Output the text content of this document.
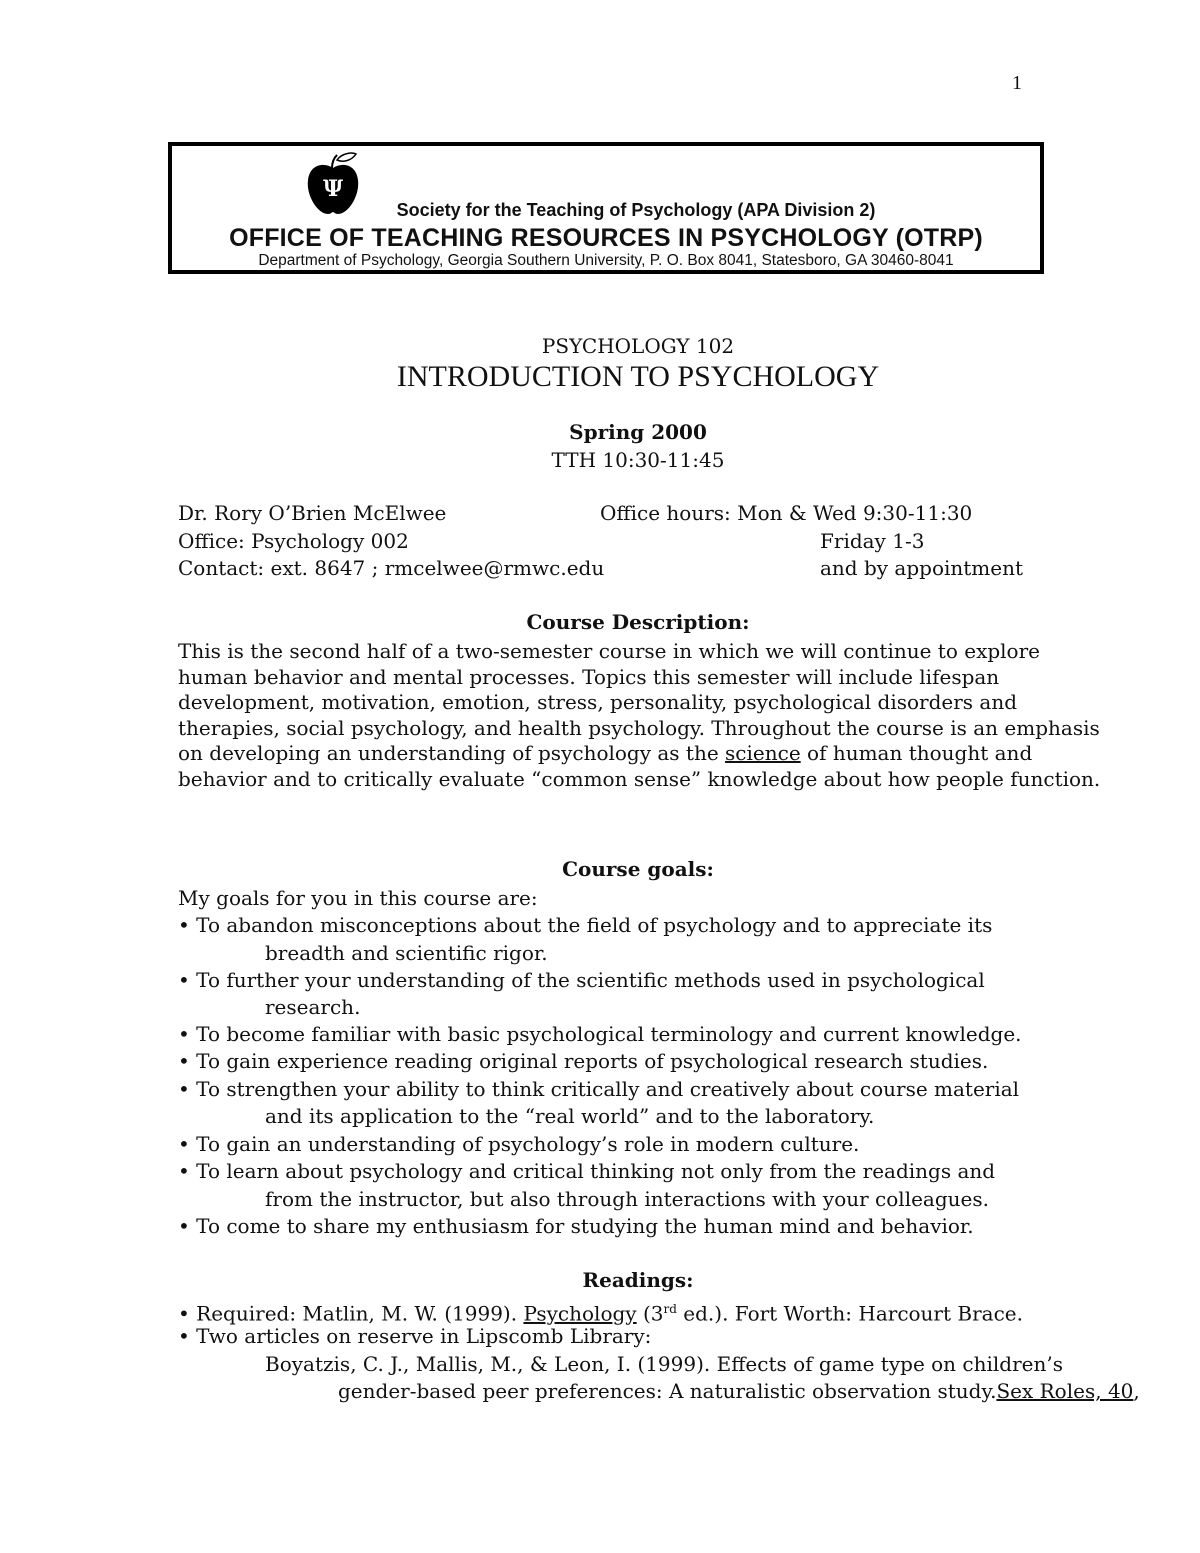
1
Ψ
Society for the Teaching of Psychology (APA Division 2)
OFFICE OF TEACHING RESOURCES IN PSYCHOLOGY (OTRP)
Department of Psychology, Georgia Southern University, P. O. Box 8041, Statesboro, GA 30460-8041
PSYCHOLOGY 102
INTRODUCTION TO PSYCHOLOGY
Spring 2000
TTH 10:30-11:45
Dr. Rory O’Brien McElwee
Office: Psychology 002
Contact: ext. 8647 ; rmcelwee@rmwc.edu
Office hours: Mon & Wed 9:30-11:30
Friday 1-3
and by appointment
Course Description:
This is the second half of a two-semester course in which we will continue to explore human behavior and mental processes. Topics this semester will include lifespan development, motivation, emotion, stress, personality, psychological disorders and therapies, social psychology, and health psychology. Throughout the course is an emphasis on developing an understanding of psychology as the science of human thought and behavior and to critically evaluate “common sense” knowledge about how people function.
Course goals:
My goals for you in this course are:
• To abandon misconceptions about the field of psychology and to appreciate its
breadth and scientific rigor.
• To further your understanding of the scientific methods used in psychological
research.
• To become familiar with basic psychological terminology and current knowledge.
• To gain experience reading original reports of psychological research studies.
• To strengthen your ability to think critically and creatively about course material
and its application to the “real world” and to the laboratory.
• To gain an understanding of psychology’s role in modern culture.
• To learn about psychology and critical thinking not only from the readings and
from the instructor, but also through interactions with your colleagues.
• To come to share my enthusiasm for studying the human mind and behavior.
Readings:
• Required: Matlin, M. W. (1999). Psychology (3rd ed.). Fort Worth: Harcourt Brace.
• Two articles on reserve in Lipscomb Library:
Boyatzis, C. J., Mallis, M., & Leon, I. (1999). Effects of game type on children’s
gender-based peer preferences: A naturalistic observation study.Sex Roles, 40,
